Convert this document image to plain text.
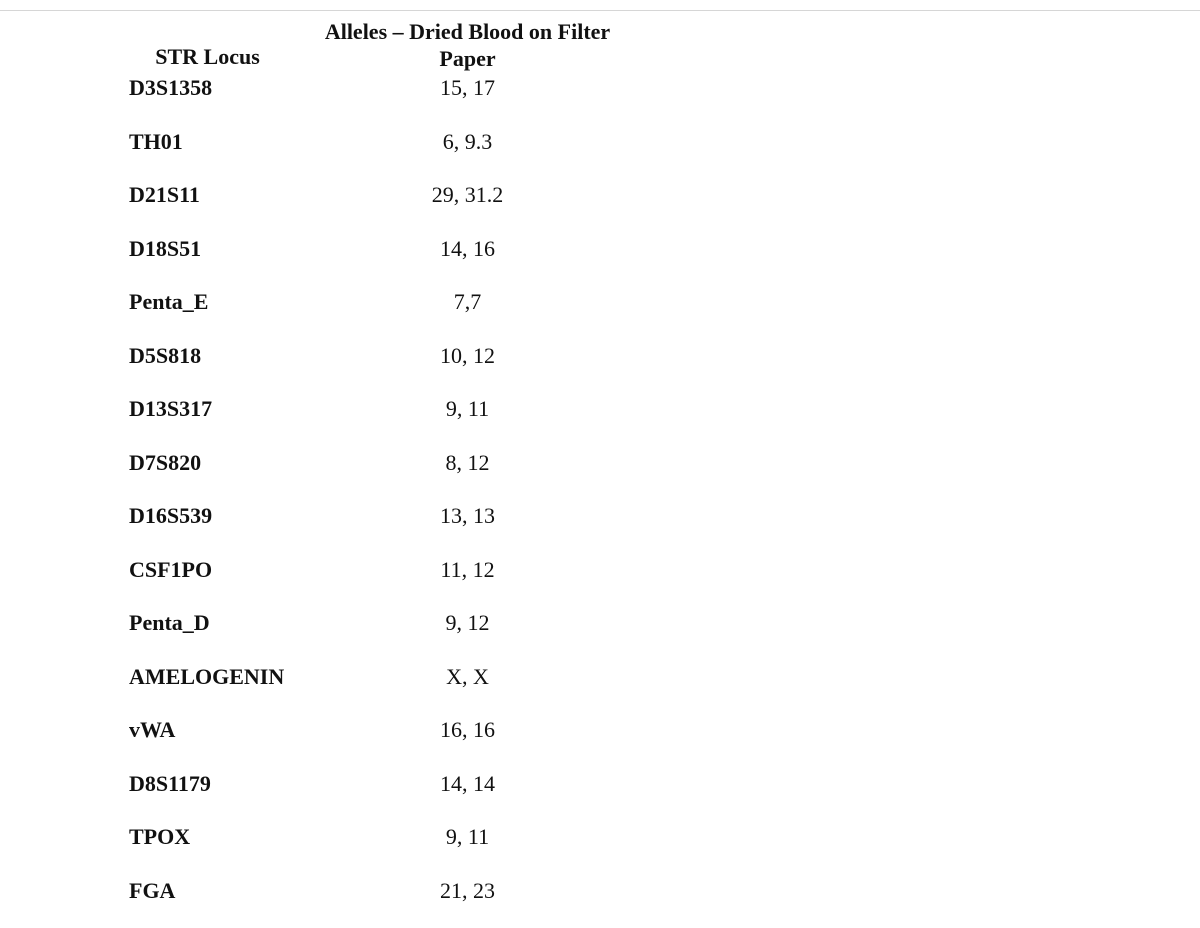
STR Locus	Alleles – Dried Blood on Filter Paper
D3S1358	15, 17
TH01	6, 9.3
D21S11	29, 31.2
D18S51	14, 16
Penta_E	7,7
D5S818	10, 12
D13S317	9, 11
D7S820	8, 12
D16S539	13, 13
CSF1PO	11, 12
Penta_D	9, 12
AMELOGENIN	X, X
vWA	16, 16
D8S1179	14, 14
TPOX	9, 11
FGA	21, 23
